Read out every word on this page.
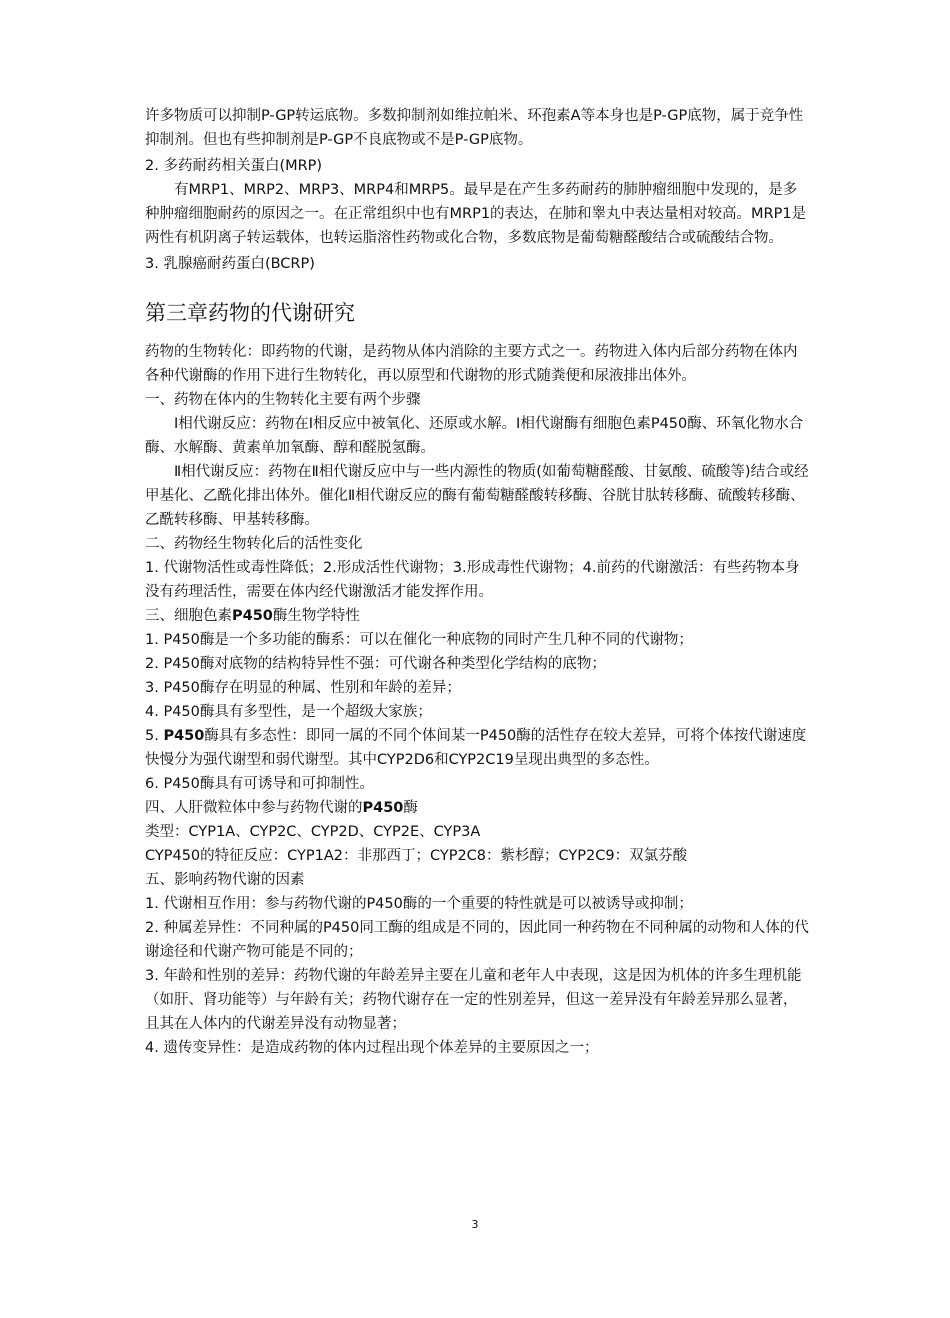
许多物质可以抑制P-GP转运底物。多数抑制剂如维拉帕米、环孢素A等本身也是P-GP底物，属于竞争性抑制剂。但也有些抑制剂是P-GP不良底物或不是P-GP底物。

2. 多药耐药相关蛋白(MRP)

有MRP1、MRP2、MRP3、MRP4和MRP5。最早是在产生多药耐药的肺肿瘤细胞中发现的，是多种肿瘤细胞耐药的原因之一。在正常组织中也有MRP1的表达，在肺和睾丸中表达量相对较高。MRP1是两性有机阴离子转运载体，也转运脂溶性药物或化合物，多数底物是葡萄糖醛酸结合或硫酸结合物。

3. 乳腺癌耐药蛋白(BCRP)

第三章药物的代谢研究

药物的生物转化：即药物的代谢，是药物从体内消除的主要方式之一。药物进入体内后部分药物在体内各种代谢酶的作用下进行生物转化，再以原型和代谢物的形式随粪便和尿液排出体外。

一、药物在体内的生物转化主要有两个步骤

Ⅰ相代谢反应：药物在Ⅰ相反应中被氧化、还原或水解。Ⅰ相代谢酶有细胞色素P450酶、环氧化物水合酶、水解酶、黄素单加氧酶、醇和醛脱氢酶。

Ⅱ相代谢反应：药物在Ⅱ相代谢反应中与一些内源性的物质(如葡萄糖醛酸、甘氨酸、硫酸等)结合或经甲基化、乙酰化排出体外。催化Ⅱ相代谢反应的酶有葡萄糖醛酸转移酶、谷胱甘肽转移酶、硫酸转移酶、乙酰转移酶、甲基转移酶。

二、药物经生物转化后的活性变化

1. 代谢物活性或毒性降低；2.形成活性代谢物；3.形成毒性代谢物；4.前药的代谢激活：有些药物本身没有药理活性，需要在体内经代谢激活才能发挥作用。

三、细胞色素P450酶生物学特性

1. P450酶是一个多功能的酶系：可以在催化一种底物的同时产生几种不同的代谢物；

2. P450酶对底物的结构特异性不强：可代谢各种类型化学结构的底物；

3. P450酶存在明显的种属、性别和年龄的差异；

4. P450酶具有多型性，是一个超级大家族；

5. P450酶具有多态性：即同一属的不同个体间某一P450酶的活性存在较大差异，可将个体按代谢速度快慢分为强代谢型和弱代谢型。其中CYP2D6和CYP2C19呈现出典型的多态性。

6. P450酶具有可诱导和可抑制性。

四、人肝微粒体中参与药物代谢的P450酶

类型：CYP1A、CYP2C、CYP2D、CYP2E、CYP3A

CYP450的特征反应：CYP1A2：非那西丁；CYP2C8：紫杉醇；CYP2C9：双氯芬酸

五、影响药物代谢的因素

1. 代谢相互作用：参与药物代谢的P450酶的一个重要的特性就是可以被诱导或抑制；

2. 种属差异性：不同种属的P450同工酶的组成是不同的，因此同一种药物在不同种属的动物和人体的代谢途径和代谢产物可能是不同的；

3. 年龄和性别的差异：药物代谢的年龄差异主要在儿童和老年人中表现，这是因为机体的许多生理机能（如肝、肾功能等）与年龄有关；药物代谢存在一定的性别差异，但这一差异没有年龄差异那么显著，且其在人体内的代谢差异没有动物显著；

4. 遗传变异性：是造成药物的体内过程出现个体差异的主要原因之一；

3
